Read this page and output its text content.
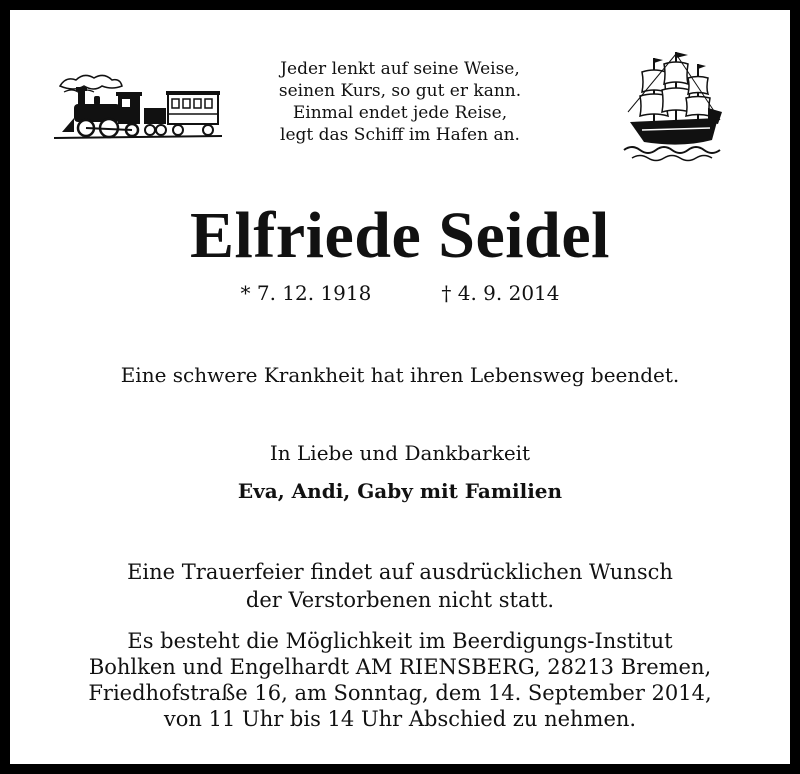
Jeder lenkt auf seine Weise,
seinen Kurs, so gut er kann.
Einmal endet jede Reise,
legt das Schiff im Hafen an.
Elfriede Seidel
* 7. 12. 1918	† 4. 9. 2014
Eine schwere Krankheit hat ihren Lebensweg beendet.
In Liebe und Dankbarkeit
Eva, Andi, Gaby mit Familien
Eine Trauerfeier findet auf ausdrücklichen Wunsch
der Verstorbenen nicht statt.
Es besteht die Möglichkeit im Beerdigungs-Institut
Bohlken und Engelhardt AM RIENSBERG, 28213 Bremen,
Friedhofstraße 16, am Sonntag, dem 14. September 2014,
von 11 Uhr bis 14 Uhr Abschied zu nehmen.
